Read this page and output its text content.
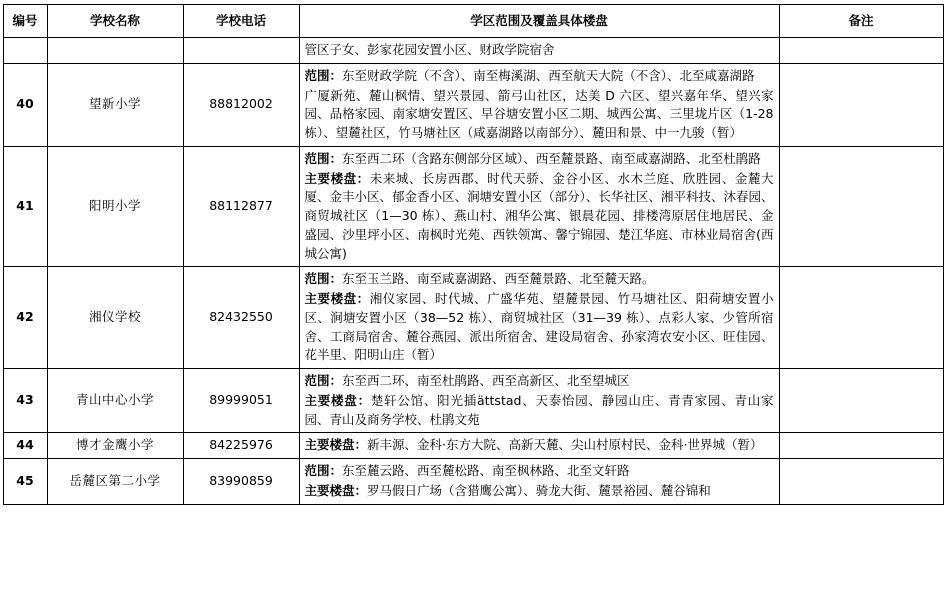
编号	学校名称	学校电话	学区范围及覆盖具体楼盘	备注

			管区子女、彭家花园安置小区、财政学院宿舍	

40	望新小学	88812002	范围：东至财政学院（不含）、南至梅溪湖、西至航天大院（不含）、北至咸嘉湖路
广厦新苑、麓山枫情、望兴景园、箭弓山社区，达美 D 六区、望兴嘉年华、望兴家园、品格家园、南家塘安置区、早谷塘安置小区二期、城西公寓、三里垅片区（1-28 栋）、望麓社区，竹马塘社区（咸嘉湖路以南部分）、麓田和景、中一九骏（暂）	

41	阳明小学	88112877	范围：东至西二环（含路东侧部分区域）、西至麓景路、南至咸嘉湖路、北至杜鹃路
主要楼盘：未来城、长房西郡、时代天骄、金谷小区、水木兰庭、欣胜园、金麓大厦、金丰小区、郁金香小区、涧塘安置小区（部分）、长华社区、湘平科技、沐春园、商贸城社区（1—30 栋）、燕山村、湘华公寓、银晨花园、排楼湾原居住地居民、金盛园、沙里坪小区、南枫时光苑、西铁领寓、馨宁锦园、楚江华庭、市林业局宿舍(西城公寓)	

42	湘仪学校	82432550	范围：东至玉兰路、南至咸嘉湖路、西至麓景路、北至麓天路。
主要楼盘：湘仪家园、时代城、广盛华苑、望麓景园、竹马塘社区、阳荷塘安置小区、涧塘安置小区（38—52 栋）、商贸城社区（31—39 栋）、点彩人家、少管所宿舍、工商局宿舍、麓谷燕园、派出所宿舍、建设局宿舍、孙家湾农安小区、旺佳园、花半里、阳明山庄（暂）	

43	青山中心小学	89999051	范围：东至西二环、南至杜鹃路、西至高新区、北至望城区
主要楼盘：楚轩公馆、阳光插ättstad、天泰怡园、静园山庄、青青家园、青山家园、青山及商务学校、杜鹃文苑	

44	博才金鹰小学	84225976	主要楼盘：新丰源、金科·东方大院、高新天麓、尖山村原村民、金科·世界城（暂）	

45	岳麓区第二小学	83990859	范围：东至麓云路、西至麓松路、南至枫林路、北至文轩路
主要楼盘：罗马假日广场（含猎鹰公寓）、骑龙大街、麓景裕园、麓谷锦和	
